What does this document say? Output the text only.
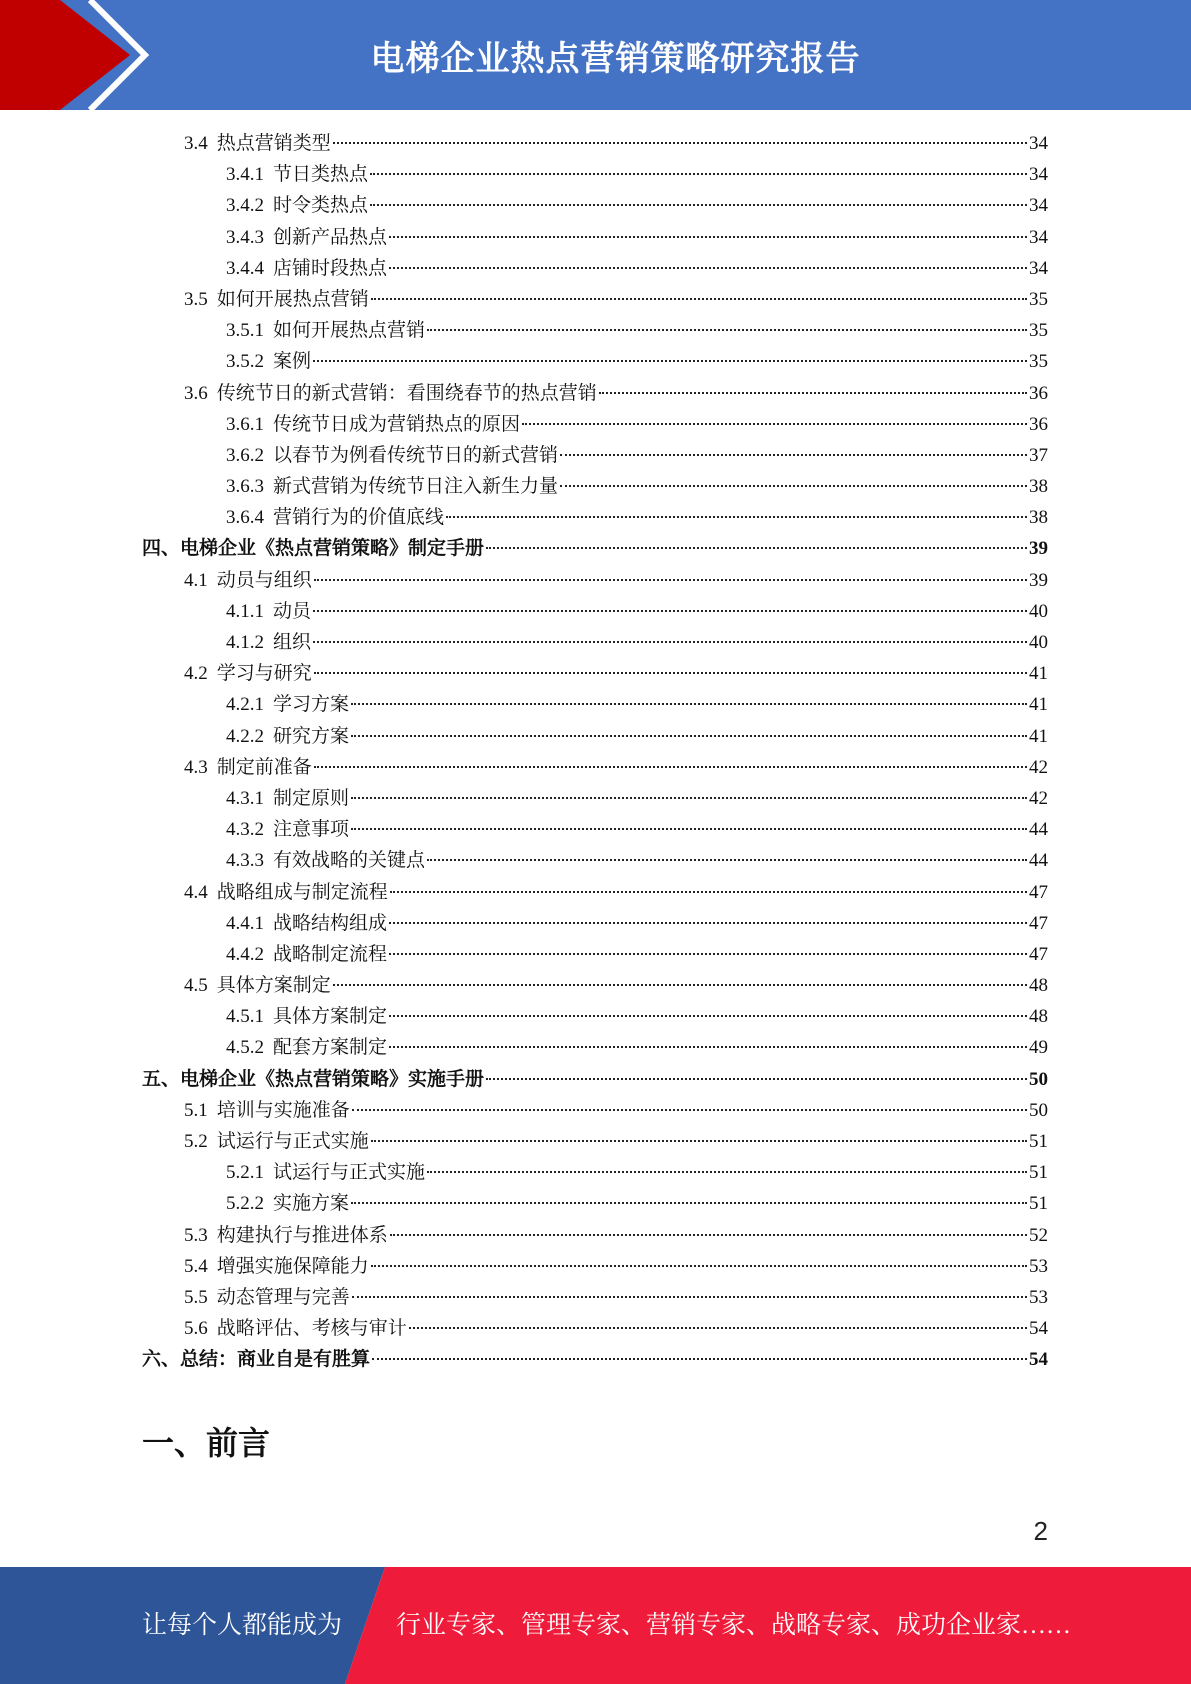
电梯企业热点营销策略研究报告
3.4 热点营销类型	34
3.4.1 节日类热点	34
3.4.2 时令类热点	34
3.4.3 创新产品热点	34
3.4.4 店铺时段热点	34
3.5 如何开展热点营销	35
3.5.1 如何开展热点营销	35
3.5.2 案例	35
3.6 传统节日的新式营销：看围绕春节的热点营销	36
3.6.1 传统节日成为营销热点的原因	36
3.6.2 以春节为例看传统节日的新式营销	37
3.6.3 新式营销为传统节日注入新生力量	38
3.6.4 营销行为的价值底线	38
四、电梯企业《热点营销策略》制定手册	39
4.1 动员与组织	39
4.1.1 动员	40
4.1.2 组织	40
4.2 学习与研究	41
4.2.1 学习方案	41
4.2.2 研究方案	41
4.3 制定前准备	42
4.3.1 制定原则	42
4.3.2 注意事项	44
4.3.3 有效战略的关键点	44
4.4 战略组成与制定流程	47
4.4.1 战略结构组成	47
4.4.2 战略制定流程	47
4.5 具体方案制定	48
4.5.1 具体方案制定	48
4.5.2 配套方案制定	49
五、电梯企业《热点营销策略》实施手册	50
5.1 培训与实施准备	50
5.2 试运行与正式实施	51
5.2.1 试运行与正式实施	51
5.2.2 实施方案	51
5.3 构建执行与推进体系	52
5.4 增强实施保障能力	53
5.5 动态管理与完善	53
5.6 战略评估、考核与审计	54
六、总结：商业自是有胜算	54
一、前言
2
让每个人都能成为 行业专家、管理专家、营销专家、战略专家、成功企业家……
